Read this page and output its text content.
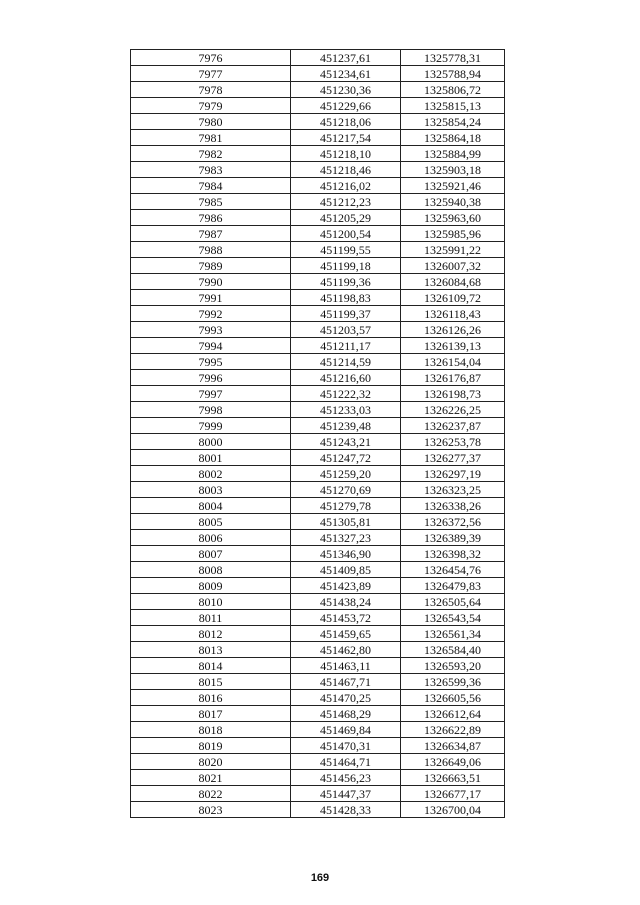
7976	451237,61	1325778,31
7977	451234,61	1325788,94
7978	451230,36	1325806,72
7979	451229,66	1325815,13
7980	451218,06	1325854,24
7981	451217,54	1325864,18
7982	451218,10	1325884,99
7983	451218,46	1325903,18
7984	451216,02	1325921,46
7985	451212,23	1325940,38
7986	451205,29	1325963,60
7987	451200,54	1325985,96
7988	451199,55	1325991,22
7989	451199,18	1326007,32
7990	451199,36	1326084,68
7991	451198,83	1326109,72
7992	451199,37	1326118,43
7993	451203,57	1326126,26
7994	451211,17	1326139,13
7995	451214,59	1326154,04
7996	451216,60	1326176,87
7997	451222,32	1326198,73
7998	451233,03	1326226,25
7999	451239,48	1326237,87
8000	451243,21	1326253,78
8001	451247,72	1326277,37
8002	451259,20	1326297,19
8003	451270,69	1326323,25
8004	451279,78	1326338,26
8005	451305,81	1326372,56
8006	451327,23	1326389,39
8007	451346,90	1326398,32
8008	451409,85	1326454,76
8009	451423,89	1326479,83
8010	451438,24	1326505,64
8011	451453,72	1326543,54
8012	451459,65	1326561,34
8013	451462,80	1326584,40
8014	451463,11	1326593,20
8015	451467,71	1326599,36
8016	451470,25	1326605,56
8017	451468,29	1326612,64
8018	451469,84	1326622,89
8019	451470,31	1326634,87
8020	451464,71	1326649,06
8021	451456,23	1326663,51
8022	451447,37	1326677,17
8023	451428,33	1326700,04
169
